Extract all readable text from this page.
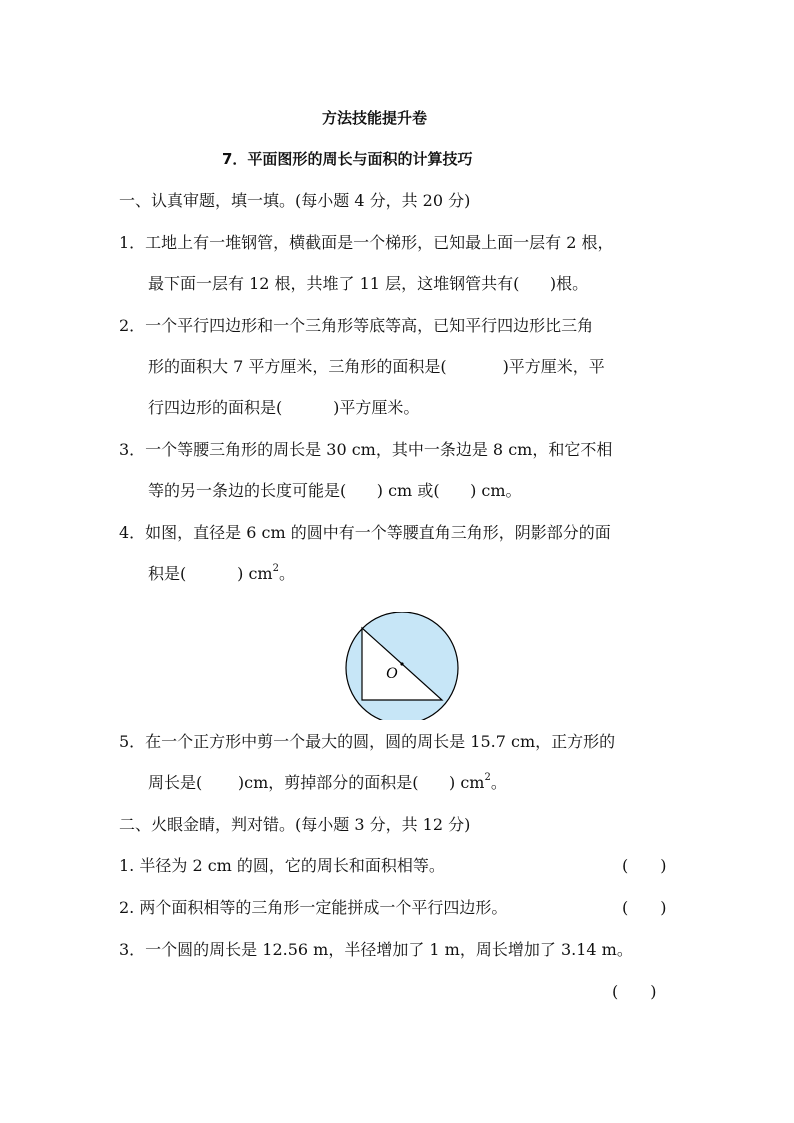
方法技能提升卷
7．平面图形的周长与面积的计算技巧
一、认真审题，填一填。(每小题 4 分，共 20 分)
1．工地上有一堆钢管，横截面是一个梯形，已知最上面一层有 2 根，
最下面一层有 12 根，共堆了 11 层，这堆钢管共有( )根。
2．一个平行四边形和一个三角形等底等高，已知平行四边形比三角
形的面积大 7 平方厘米，三角形的面积是(	)平方厘米，平
行四边形的面积是(	)平方厘米。
3．一个等腰三角形的周长是 30 cm，其中一条边是 8 cm，和它不相
等的另一条边的长度可能是( ) cm 或( ) cm。
4．如图，直径是 6 cm 的圆中有一个等腰直角三角形，阴影部分的面
积是(	) $cm^2$。
O
5．在一个正方形中剪一个最大的圆，圆的周长是 15.7 cm，正方形的
周长是( )cm，剪掉部分的面积是( ) $cm^2$。
二、火眼金睛，判对错。(每小题 3 分，共 12 分)
1. 半径为 2 cm 的圆，它的周长和面积相等。	(　　)
2. 两个面积相等的三角形一定能拼成一个平行四边形。	(　　)
3．一个圆的周长是 12.56 m，半径增加了 1 m，周长增加了 3.14 m。
(　　)
